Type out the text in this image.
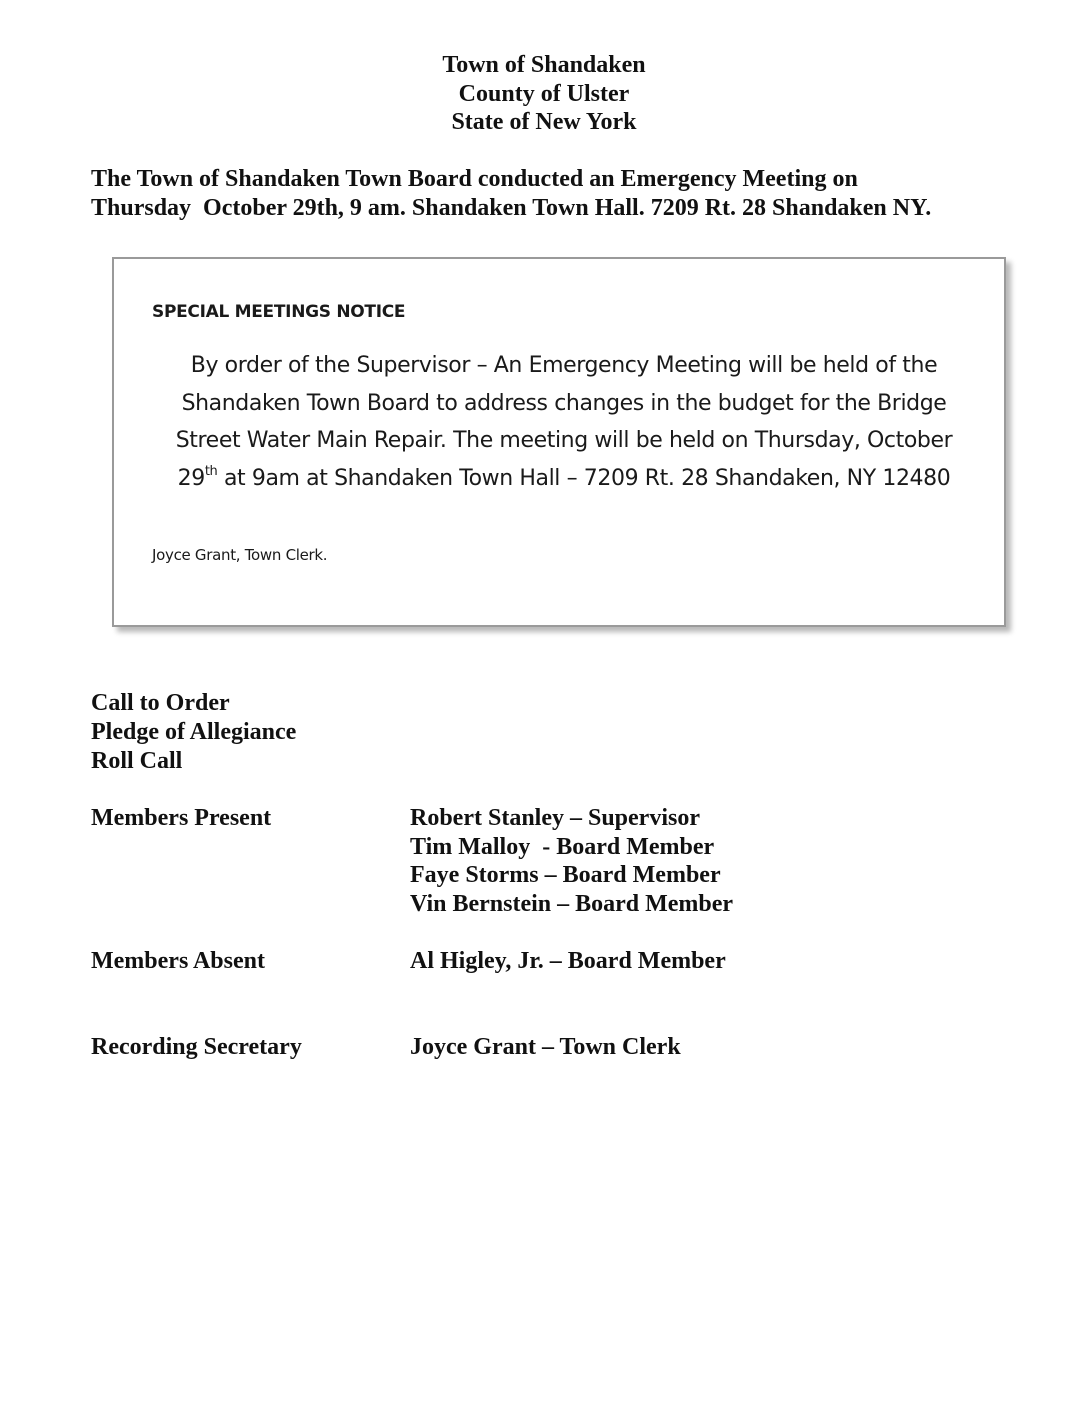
Town of Shandaken
County of Ulster
State of New York
The Town of Shandaken Town Board conducted an Emergency Meeting on
Thursday  October 29th, 9 am. Shandaken Town Hall. 7209 Rt. 28 Shandaken NY.
SPECIAL MEETINGS NOTICE
By order of the Supervisor – An Emergency Meeting will be held of the
Shandaken Town Board to address changes in the budget for the Bridge
Street Water Main Repair. The meeting will be held on Thursday, October
29th at 9am at Shandaken Town Hall – 7209 Rt. 28 Shandaken, NY 12480
Joyce Grant, Town Clerk.
Call to Order
Pledge of Allegiance
Roll Call
Members Present	Robert Stanley – Supervisor
Tim Malloy  - Board Member
Faye Storms – Board Member
Vin Bernstein – Board Member
Members Absent	Al Higley, Jr. – Board Member
Recording Secretary	Joyce Grant – Town Clerk
